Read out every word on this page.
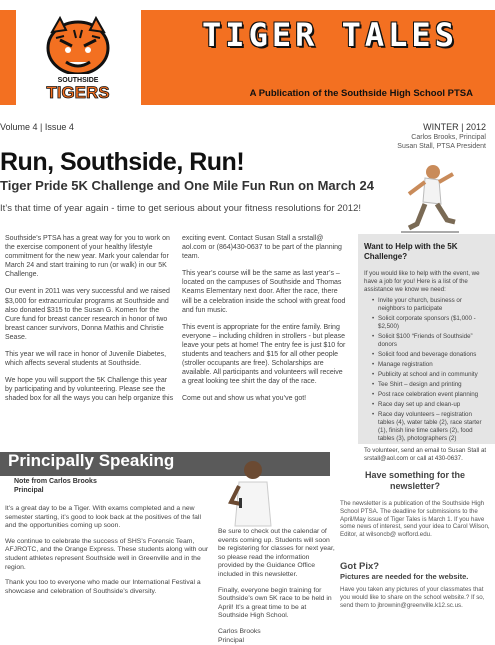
SOUTHSIDE
TIGERS
TIGER TALES
A Publication of the Southside High School PTSA
Volume 4 | Issue 4	WINTER | 2012
Carlos Brooks, Principal
Susan Stall, PTSA President
Run, Southside, Run!
Tiger Pride 5K Challenge and One Mile Fun Run on March 24
It’s that time of year again - time to get serious about your fitness resolutions for 2012!

Southside’s PTSA has a great way for you to work on the exercise component of your healthy lifestyle commitment for the new year. Mark your calendar for March 24 and start training to run (or walk) in our 5K Challenge.

Our event in 2011 was very successful and we raised $3,000 for extracurricular programs at Southside and also donated $315 to the Susan G. Komen for the Cure fund for breast cancer research in honor of two breast cancer survivors, Donna Mathis and Christie Sease.

This year we will race in honor of Juvenile Diabetes, which affects several students at Southside.

We hope you will support the 5K Challenge this year by participating and by volunteering. Please see the shaded box for all the ways you can help organize this

exciting event. Contact Susan Stall a srstall@ aol.com or (864)430-0637 to be part of the planning team.

This year’s course will be the same as last year’s – located on the campuses of Southside and Thomas Kearns Elementary next door. After the race, there will be a celebration inside the school with great food and fun music.

This event is appropriate for the entire family. Bring everyone – including children in strollers - but please leave your pets at home! The entry fee is just $10 for students and teachers and $15 for all other people (stroller occupants are free). Scholarships are available. All participants and volunteers will receive a great looking tee shirt the day of the race.

Come out and show us what you’ve got!

Want to Help with the 5K Challenge?
If you would like to help with the event, we have a job for you! Here is a list of the assistance we know we need:
• Invite your church, business or neighbors to participate
• Solicit corporate sponsors ($1,000 - $2,500)
• Solicit $100 “Friends of Southside” donors
• Solicit food and beverage donations
• Manage registration
• Publicity at school and in community
• Tee Shirt – design and printing
• Post race celebration event planning
• Race day set up and clean-up
• Race day volunteers – registration tables (4), water table (2), race starter (1), finish line time callers (2), food tables (3), photographers (2)
To volunteer, send an email to Susan Stall at srstall@aol.com or call at 430-0637.
Principally Speaking
Note from Carlos Brooks
Principal

It’s a great day to be a Tiger. With exams completed and a new semester starting, it’s good to look back at the positives of the fall and the opportunities coming up soon.

We continue to celebrate the success of SHS’s Forensic Team, AFJROTC, and the Orange Express. These students along with our student athletes represent Southside well in Greenville and in the region.

Thank you too to everyone who made our International Festival a showcase and celebration of Southside’s diversity.

Be sure to check out the calendar of events coming up. Students will soon be registering for classes for next year, so please read the information provided by the Guidance Office included in this newsletter.

Finally, everyone begin training for Southside’s own 5K race to be held in April! It’s a great time to be at Southside High School.

Carlos Brooks
Principal
Have something for the newsletter?
The newsletter is a publication of the Southside High School PTSA. The deadline for submissions to the April/May issue of Tiger Tales is March 1. If you have some news of interest, send your idea to Carol Wilson, Editor, at wilsoncb@ wofford.edu.
Got Pix?
Pictures are needed for the website.
Have you taken any pictures of your classmates that you would like to share on the school website.? If so, send them to jbrownin@greenville.k12.sc.us.
